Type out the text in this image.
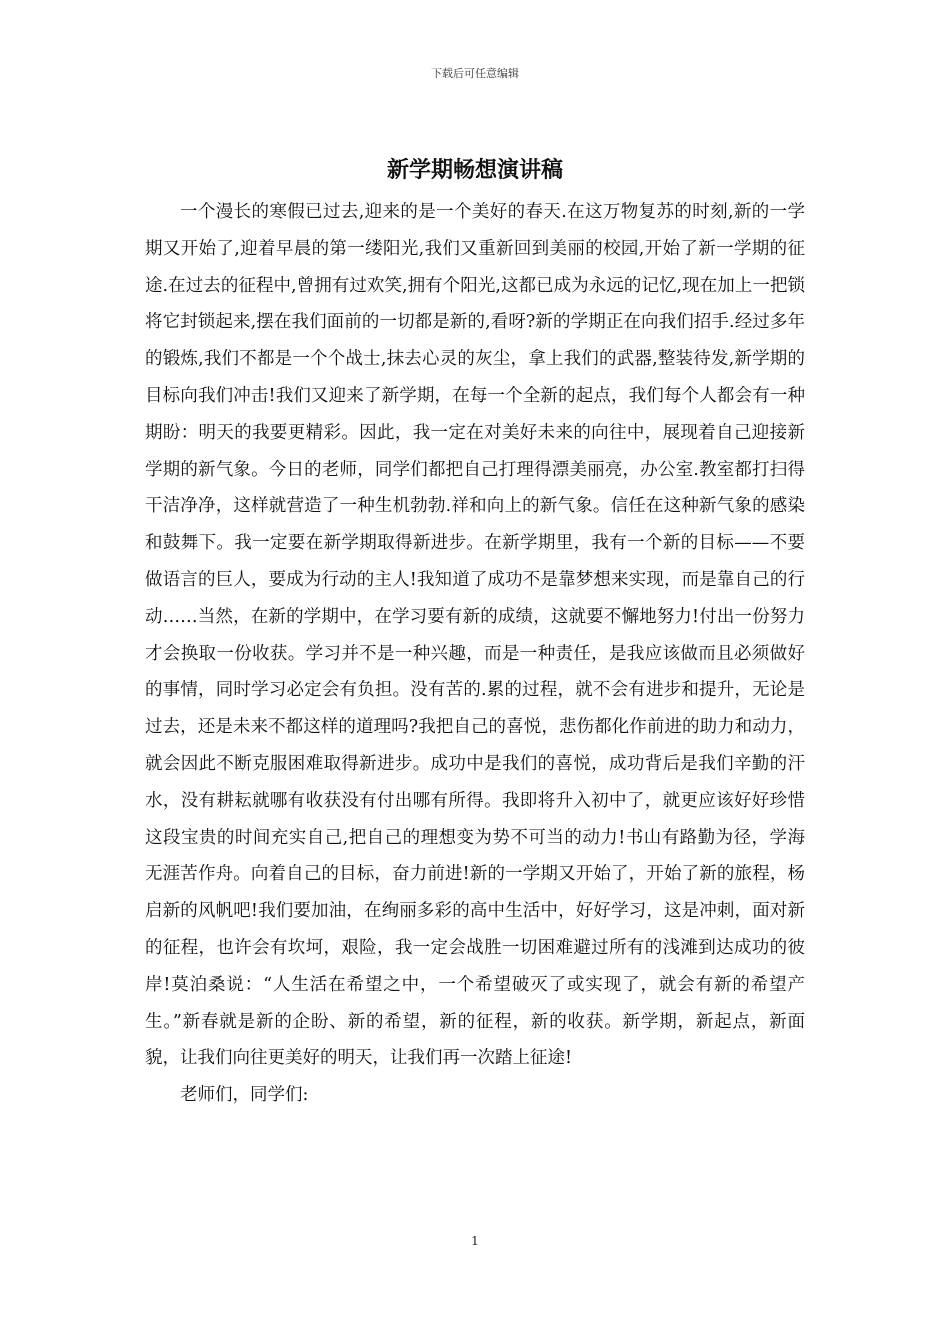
下载后可任意编辑
新学期畅想演讲稿

一个漫长的寒假已过去,迎来的是一个美好的春天.在这万物复苏的时刻,新的一学期又开始了,迎着早晨的第一缕阳光,我们又重新回到美丽的校园,开始了新一学期的征途.在过去的征程中,曾拥有过欢笑,拥有个阳光,这都已成为永远的记忆,现在加上一把锁将它封锁起来,摆在我们面前的一切都是新的,看呀?新的学期正在向我们招手.经过多年的锻炼,我们不都是一个个战士,抹去心灵的灰尘，拿上我们的武器,整装待发,新学期的目标向我们冲击!我们又迎来了新学期，在每一个全新的起点，我们每个人都会有一种期盼：明天的我要更精彩。因此，我一定在对美好未来的向往中，展现着自己迎接新学期的新气象。今日的老师，同学们都把自己打理得漂美丽亮，办公室.教室都打扫得干洁净净，这样就营造了一种生机勃勃.祥和向上的新气象。信任在这种新气象的感染和鼓舞下。我一定要在新学期取得新进步。在新学期里，我有一个新的目标——不要做语言的巨人，要成为行动的主人!我知道了成功不是靠梦想来实现，而是靠自己的行动……当然，在新的学期中，在学习要有新的成绩，这就要不懈地努力!付出一份努力才会换取一份收获。学习并不是一种兴趣，而是一种责任，是我应该做而且必须做好的事情，同时学习必定会有负担。没有苦的.累的过程，就不会有进步和提升，无论是过去，还是未来不都这样的道理吗?我把自己的喜悦，悲伤都化作前进的助力和动力，就会因此不断克服困难取得新进步。成功中是我们的喜悦，成功背后是我们辛勤的汗水，没有耕耘就哪有收获没有付出哪有所得。我即将升入初中了，就更应该好好珍惜这段宝贵的时间充实自己,把自己的理想变为势不可当的动力!书山有路勤为径，学海无涯苦作舟。向着自己的目标，奋力前进!新的一学期又开始了，开始了新的旅程，杨启新的风帆吧!我们要加油，在绚丽多彩的高中生活中，好好学习，这是冲刺，面对新的征程，也许会有坎坷，艰险，我一定会战胜一切困难避过所有的浅滩到达成功的彼岸!莫泊桑说：“人生活在希望之中，一个希望破灭了或实现了，就会有新的希望产生。”新春就是新的企盼、新的希望，新的征程，新的收获。新学期，新起点，新面貌，让我们向往更美好的明天，让我们再一次踏上征途!

老师们，同学们:

1
